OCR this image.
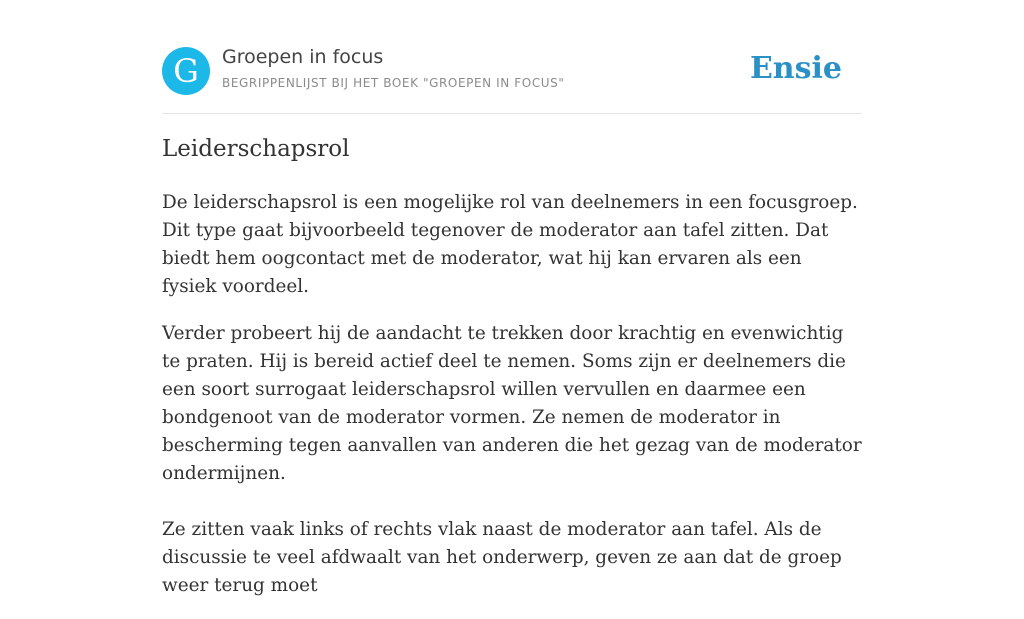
G	Groepen in focus
BEGRIPPENLIJST BIJ HET BOEK "GROEPEN IN FOCUS"	Ensie
Leiderschapsrol

De leiderschapsrol is een mogelijke rol van deelnemers in een focusgroep. Dit type gaat bijvoorbeeld tegenover de moderator aan tafel zitten. Dat biedt hem oogcontact met de moderator, wat hij kan ervaren als een fysiek voordeel.

Verder probeert hij de aandacht te trekken door krachtig en evenwichtig te praten. Hij is bereid actief deel te nemen. Soms zijn er deelnemers die een soort surrogaat leiderschapsrol willen vervullen en daarmee een bondgenoot van de moderator vormen. Ze nemen de moderator in bescherming tegen aanvallen van anderen die het gezag van de moderator ondermijnen.

Ze zitten vaak links of rechts vlak naast de moderator aan tafel. Als de discussie te veel afdwaalt van het onderwerp, geven ze aan dat de groep weer terug moet
